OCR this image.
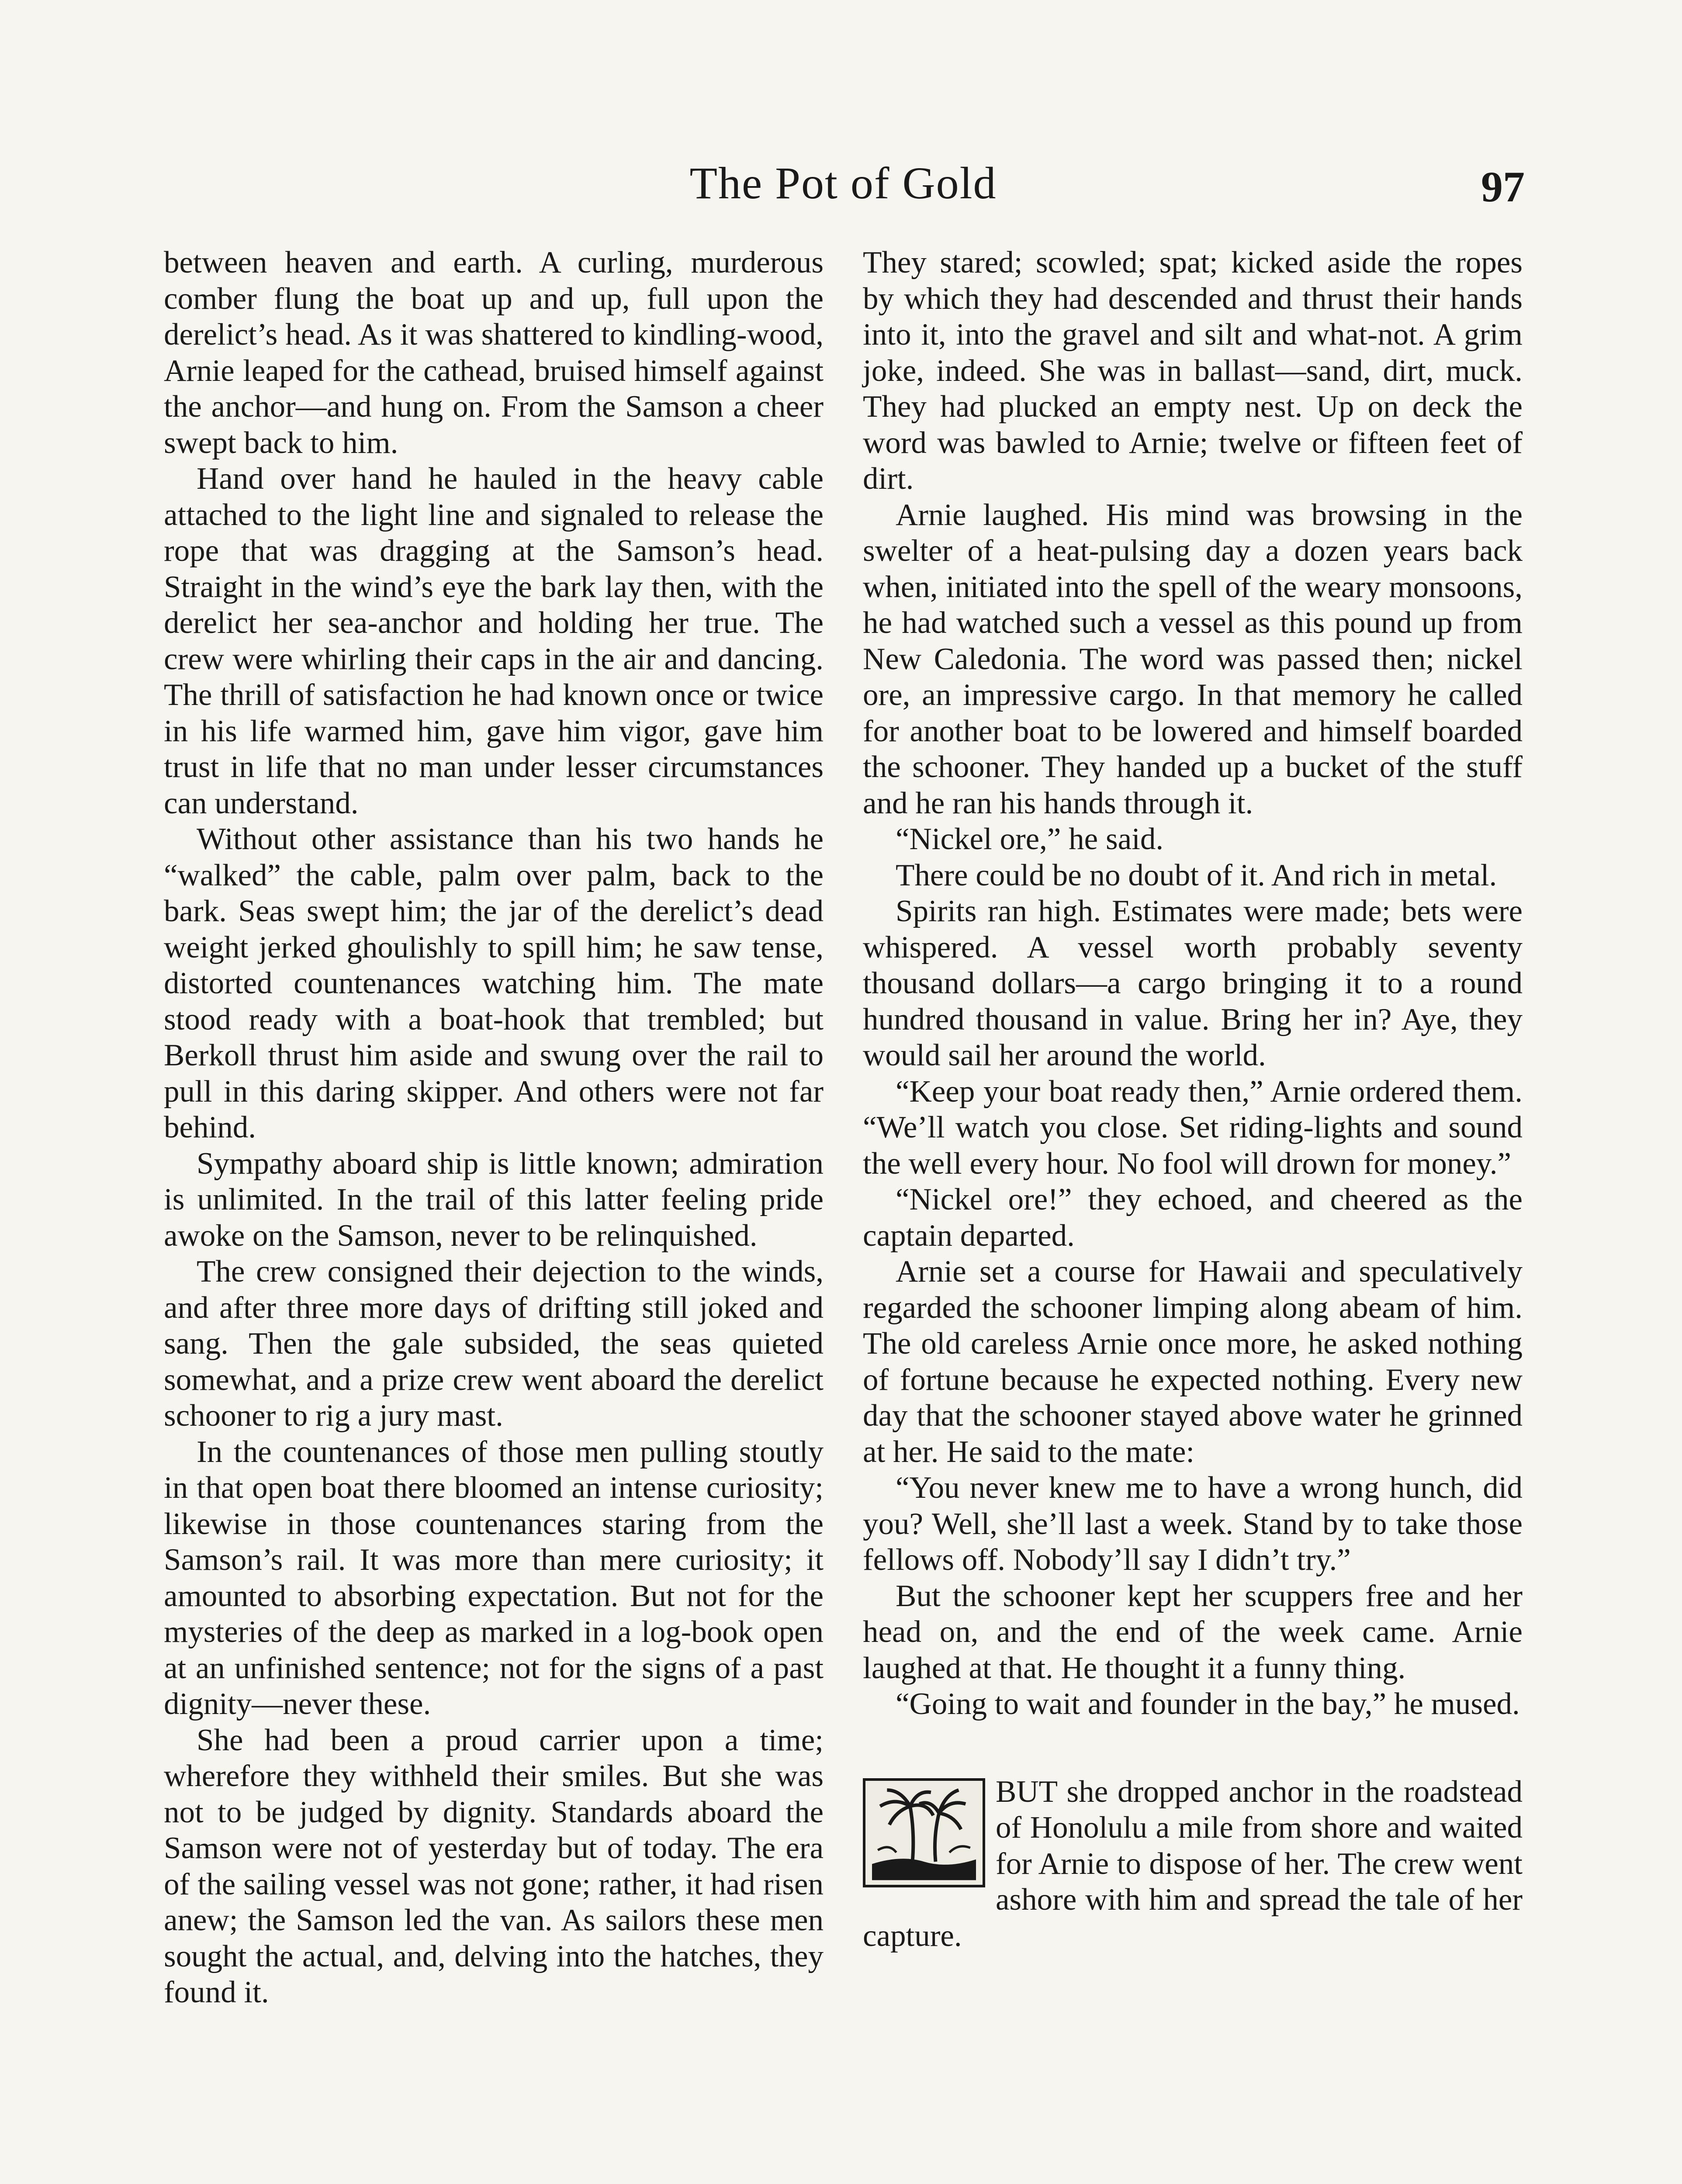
The Pot of Gold	97

between heaven and earth. A curling, murderous comber flung the boat up and up, full upon the derelict’s head. As it was shattered to kindling-wood, Arnie leaped for the cathead, bruised himself against the anchor—and hung on. From the Samson a cheer swept back to him.

Hand over hand he hauled in the heavy cable attached to the light line and signaled to release the rope that was dragging at the Samson’s head. Straight in the wind’s eye the bark lay then, with the derelict her sea-anchor and holding her true. The crew were whirling their caps in the air and dancing. The thrill of satisfaction he had known once or twice in his life warmed him, gave him vigor, gave him trust in life that no man under lesser circumstances can understand.

Without other assistance than his two hands he “walked” the cable, palm over palm, back to the bark. Seas swept him; the jar of the derelict’s dead weight jerked ghoulishly to spill him; he saw tense, distorted countenances watching him. The mate stood ready with a boat-hook that trembled; but Berkoll thrust him aside and swung over the rail to pull in this daring skipper. And others were not far behind.

Sympathy aboard ship is little known; admiration is unlimited. In the trail of this latter feeling pride awoke on the Samson, never to be relinquished.

The crew consigned their dejection to the winds, and after three more days of drifting still joked and sang. Then the gale subsided, the seas quieted somewhat, and a prize crew went aboard the derelict schooner to rig a jury mast.

In the countenances of those men pulling stoutly in that open boat there bloomed an intense curiosity; likewise in those countenances staring from the Samson’s rail. It was more than mere curiosity; it amounted to absorbing expectation. But not for the mysteries of the deep as marked in a log-book open at an unfinished sentence; not for the signs of a past dignity—never these.

She had been a proud carrier upon a time; wherefore they withheld their smiles. But she was not to be judged by dignity. Standards aboard the Samson were not of yesterday but of today. The era of the sailing vessel was not gone; rather, it had risen anew; the Samson led the van. As sailors these men sought the actual, and, delving into the hatches, they found it.

They stared; scowled; spat; kicked aside the ropes by which they had descended and thrust their hands into it, into the gravel and silt and what-not. A grim joke, indeed. She was in ballast—sand, dirt, muck. They had plucked an empty nest. Up on deck the word was bawled to Arnie; twelve or fifteen feet of dirt.

Arnie laughed. His mind was browsing in the swelter of a heat-pulsing day a dozen years back when, initiated into the spell of the weary monsoons, he had watched such a vessel as this pound up from New Caledonia. The word was passed then; nickel ore, an impressive cargo. In that memory he called for another boat to be lowered and himself boarded the schooner. They handed up a bucket of the stuff and he ran his hands through it.

“Nickel ore,” he said.

There could be no doubt of it. And rich in metal.

Spirits ran high. Estimates were made; bets were whispered. A vessel worth probably seventy thousand dollars—a cargo bringing it to a round hundred thousand in value. Bring her in? Aye, they would sail her around the world.

“Keep your boat ready then,” Arnie ordered them. “We’ll watch you close. Set riding-lights and sound the well every hour. No fool will drown for money.”

“Nickel ore!” they echoed, and cheered as the captain departed.

Arnie set a course for Hawaii and speculatively regarded the schooner limping along abeam of him. The old careless Arnie once more, he asked nothing of fortune because he expected nothing. Every new day that the schooner stayed above water he grinned at her. He said to the mate:

“You never knew me to have a wrong hunch, did you? Well, she’ll last a week. Stand by to take those fellows off. Nobody’ll say I didn’t try.”

But the schooner kept her scuppers free and her head on, and the end of the week came. Arnie laughed at that. He thought it a funny thing.

“Going to wait and founder in the bay,” he mused.

BUT she dropped anchor in the roadstead of Honolulu a mile from shore and waited for Arnie to dispose of her. The crew went ashore with him and spread the tale of her capture.
